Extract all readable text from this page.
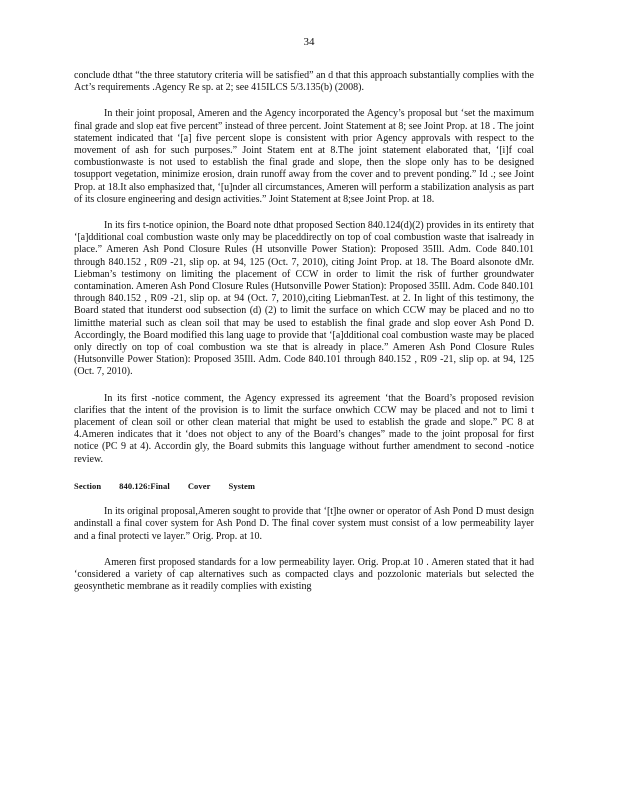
34

conclude dthat “the three statutory criteria will be satisfied” an d that this approach substantially complies with the Act’s requirements .Agency Re sp. at 2; see 415ILCS 5/3.135(b) (2008).

In their joint proposal, Ameren and the Agency incorporated the Agency’s proposal but ‘set the maximum final grade and slop eat five percent” instead of three percent. Joint Statement at 8; see Joint Prop. at 18 . The joint statement indicated that ‘[a] five percent slope is consistent with prior Agency approvals with respect to the movement of ash for such purposes.” Joint Statem ent at 8.The joint statement elaborated that, ‘[i]f coal combustionwaste is not used to establish the final grade and slope, then the slope only has to be designed tosupport vegetation, minimize erosion, drain runoff away from the cover and to prevent ponding.” Id .; see Joint Prop. at 18.It also emphasized that, ‘[u]nder all circumstances, Ameren will perform a stabilization analysis as part of its closure engineering and design activities.” Joint Statement at 8;see Joint Prop. at 18.

In its firs t-notice opinion, the Board note dthat proposed Section 840.124(d)(2) provides in its entirety that ‘[a]dditional coal combustion waste only may be placeddirectly on top of coal combustion waste that isalready in place.” Ameren Ash Pond Closure Rules (H utsonville Power Station): Proposed 35Ill. Adm. Code 840.101 through 840.152 , R09 -21, slip op. at 94, 125 (Oct. 7, 2010), citing Joint Prop. at 18. The Board alsonote dMr. Liebman’s testimony on limiting the placement of CCW in order to limit the risk of further groundwater contamination. Ameren Ash Pond Closure Rules (Hutsonville Power Station): Proposed 35Ill. Adm. Code 840.101 through 840.152 , R09 -21, slip op. at 94 (Oct. 7, 2010),citing LiebmanTest. at 2. In light of this testimony, the Board stated that itunderst ood subsection (d) (2) to limit the surface on which CCW may be placed and no tto limitthe material such as clean soil that may be used to establish the final grade and slop eover Ash Pond D. Accordingly, the Board modified this lang uage to provide that ‘[a]dditional coal combustion waste may be placed only directly on top of coal combustion wa ste that is already in place.” Ameren Ash Pond Closure Rules (Hutsonville Power Station): Proposed 35Ill. Adm. Code 840.101 through 840.152 , R09 -21, slip op. at 94, 125 (Oct. 7, 2010).

In its first -notice comment, the Agency expressed its agreement ‘that the Board’s proposed revision clarifies that the intent of the provision is to limit the surface onwhich CCW may be placed and not to limi t placement of clean soil or other clean material that might be used to establish the grade and slope.” PC 8 at 4.Ameren indicates that it ‘does not object to any of the Board’s changes” made to the joint proposal for first notice (PC 9 at 4). Accordin gly, the Board submits this language without further amendment to second -notice review.

Section 840.126:Final Cover System

In its original proposal,Ameren sought to provide that ‘[t]he owner or operator of Ash Pond D must design andinstall a final cover system for Ash Pond D. The final cover system must consist of a low permeability layer and a final protecti ve layer.” Orig. Prop. at 10.

Ameren first proposed standards for a low permeability layer. Orig. Prop.at 10 . Ameren stated that it had ‘considered a variety of cap alternatives such as compacted clays and pozzolonic materials but selected the geosynthetic membrane as it readily complies with existing
